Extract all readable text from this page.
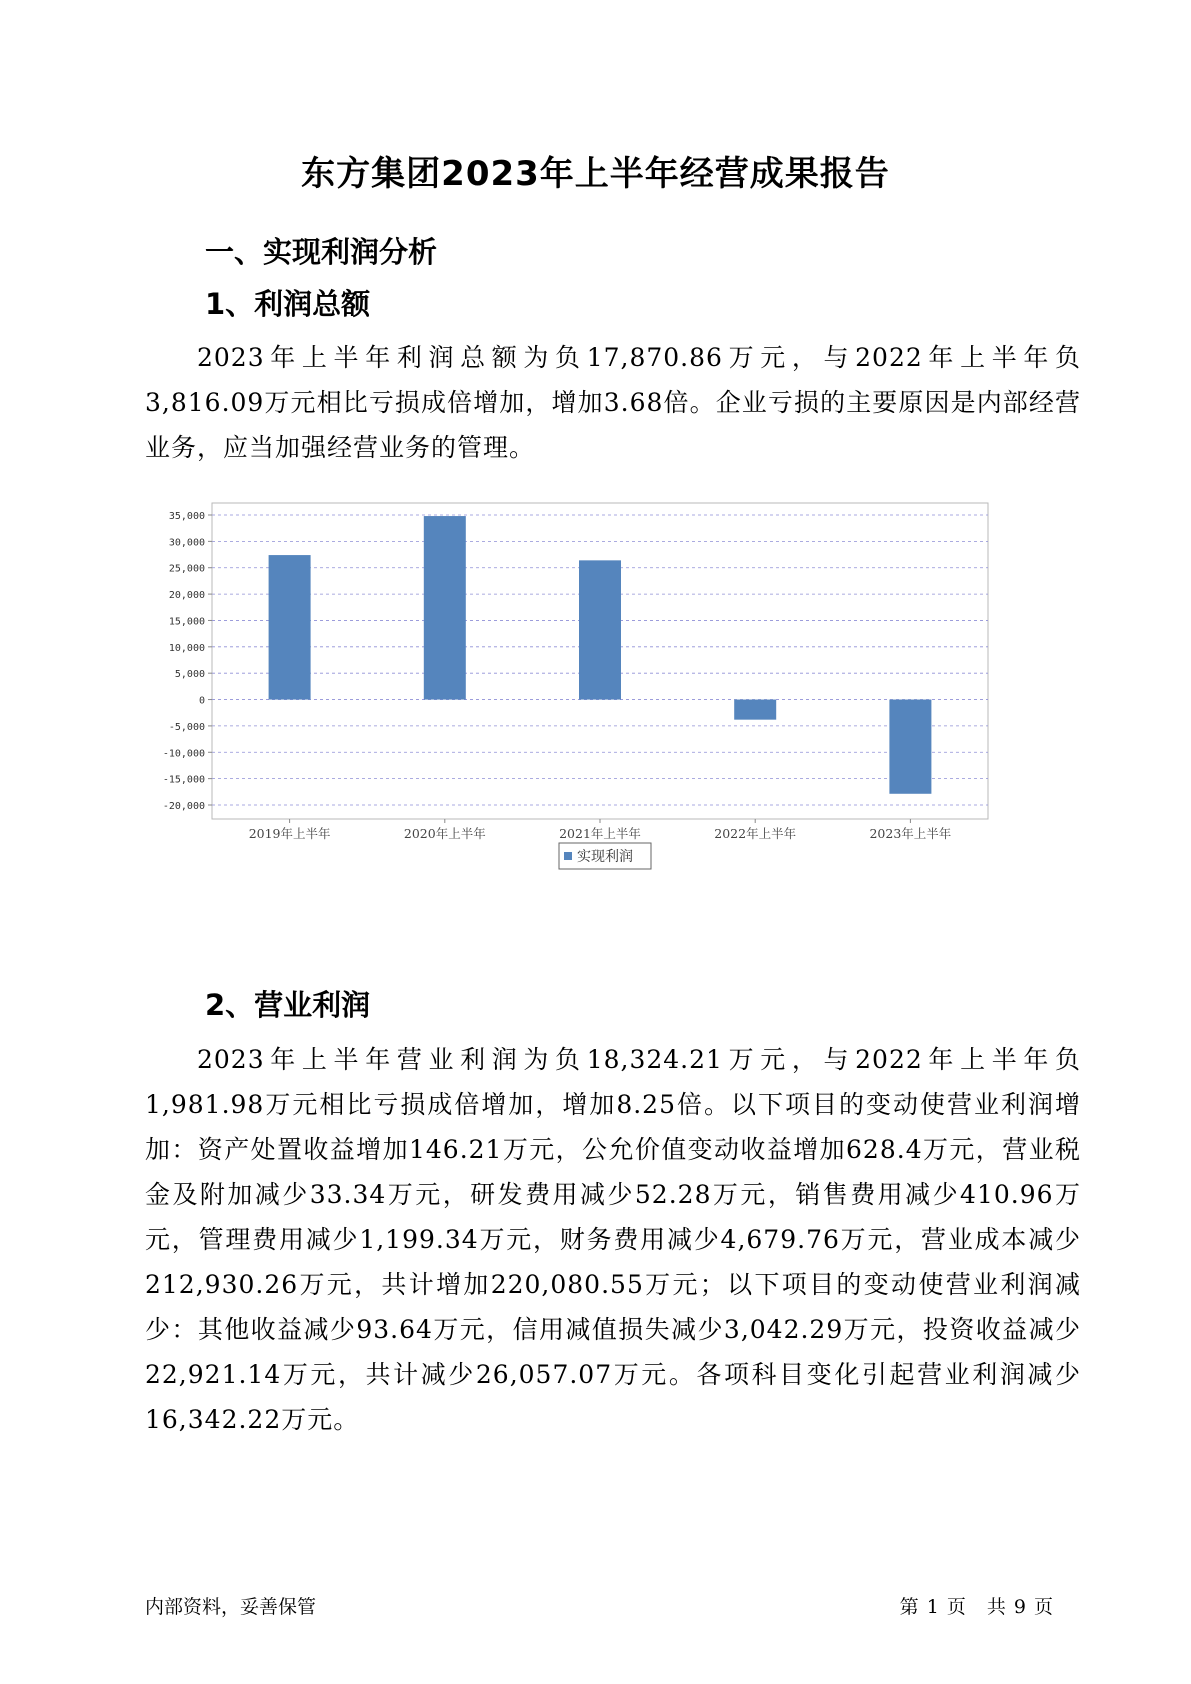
东方集团2023年上半年经营成果报告
一、实现利润分析
1、利润总额

2023年上半年利润总额为负17,870.86万元，与2022年上半年负3,816.09万元相比亏损成倍增加，增加3.68倍。企业亏损的主要原因是内部经营业务，应当加强经营业务的管理。

35,000
30,000
25,000
20,000
15,000
10,000
5,000
0
-5,000
-10,000
-15,000
-20,000
2019年上半年	2020年上半年	2021年上半年	2022年上半年	2023年上半年
实现利润
2、营业利润

2023年上半年营业利润为负18,324.21万元，与2022年上半年负1,981.98万元相比亏损成倍增加，增加8.25倍。以下项目的变动使营业利润增加：资产处置收益增加146.21万元，公允价值变动收益增加628.4万元，营业税金及附加减少33.34万元，研发费用减少52.28万元，销售费用减少410.96万元，管理费用减少1,199.34万元，财务费用减少4,679.76万元，营业成本减少212,930.26万元，共计增加220,080.55万元；以下项目的变动使营业利润减少：其他收益减少93.64万元，信用减值损失减少3,042.29万元，投资收益减少22,921.14万元，共计减少26,057.07万元。各项科目变化引起营业利润减少16,342.22万元。

内部资料，妥善保管	第 1 页　共 9 页
